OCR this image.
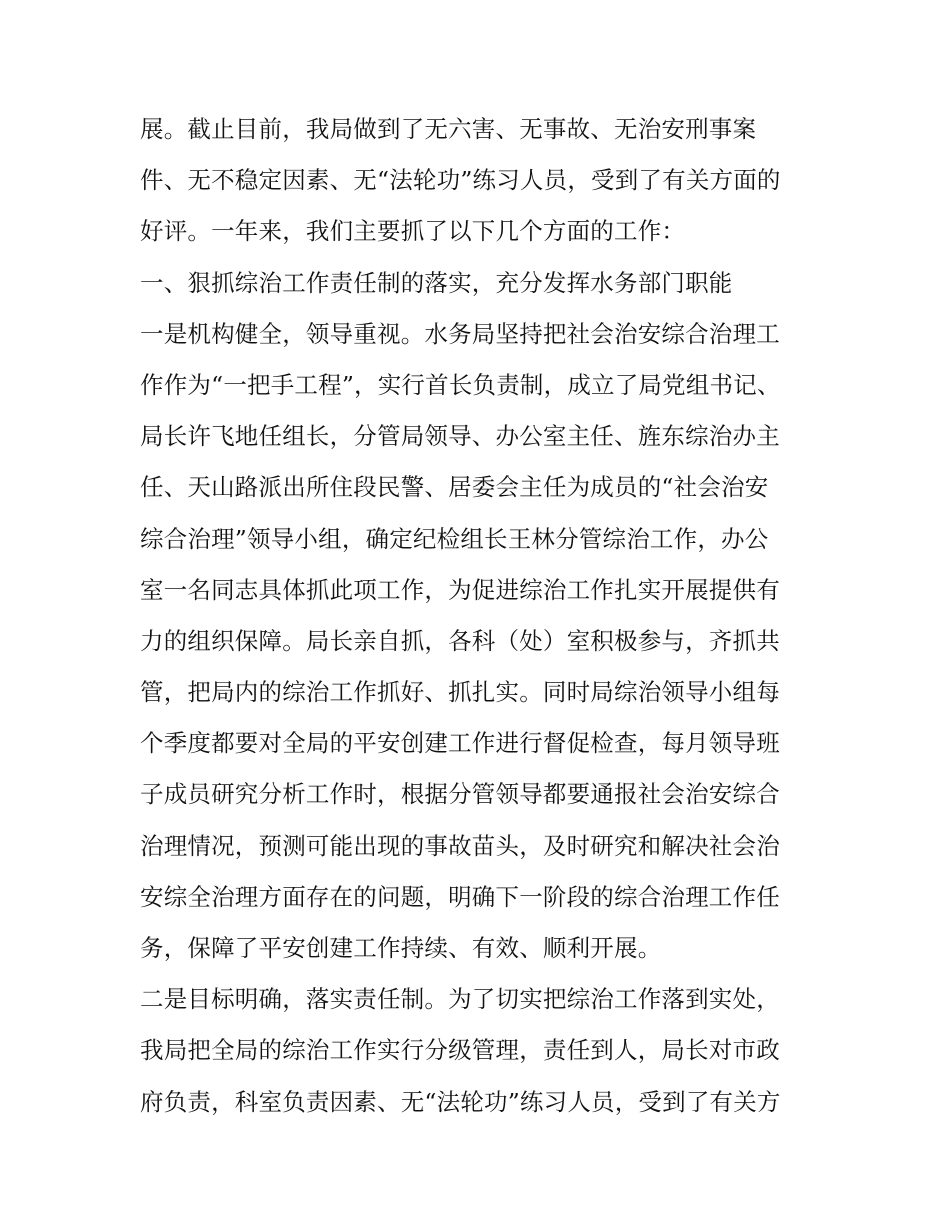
展。截止目前，我局做到了无六害、无事故、无治安刑事案
件、无不稳定因素、无“法轮功”练习人员，受到了有关方面的
好评。一年来，我们主要抓了以下几个方面的工作：
一、狠抓综治工作责任制的落实，充分发挥水务部门职能
一是机构健全，领导重视。水务局坚持把社会治安综合治理工
作作为“一把手工程”，实行首长负责制，成立了局党组书记、
局长许飞地任组长，分管局领导、办公室主任、旌东综治办主
任、天山路派出所住段民警、居委会主任为成员的“社会治安
综合治理”领导小组，确定纪检组长王林分管综治工作，办公
室一名同志具体抓此项工作，为促进综治工作扎实开展提供有
力的组织保障。局长亲自抓，各科（处）室积极参与，齐抓共
管，把局内的综治工作抓好、抓扎实。同时局综治领导小组每
个季度都要对全局的平安创建工作进行督促检查，每月领导班
子成员研究分析工作时，根据分管领导都要通报社会治安综合
治理情况，预测可能出现的事故苗头，及时研究和解决社会治
安综全治理方面存在的问题，明确下一阶段的综合治理工作任
务，保障了平安创建工作持续、有效、顺利开展。
二是目标明确，落实责任制。为了切实把综治工作落到实处，
我局把全局的综治工作实行分级管理，责任到人，局长对市政
府负责，科室负责因素、无“法轮功”练习人员，受到了有关方
